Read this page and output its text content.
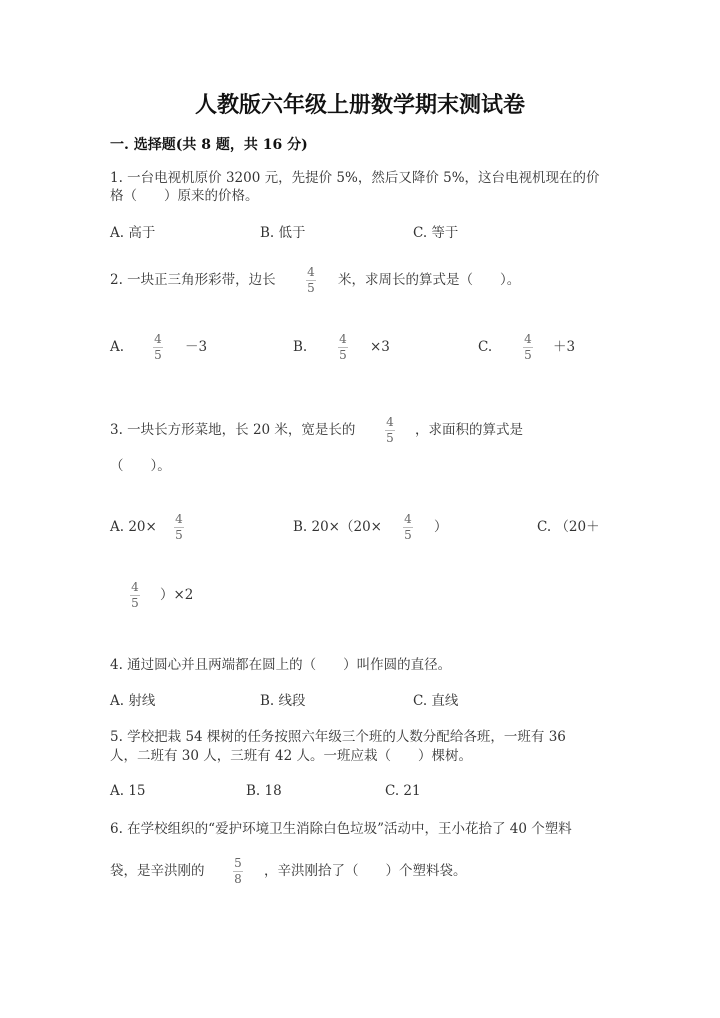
人教版六年级上册数学期末测试卷
一. 选择题(共 8 题，共 16 分)
1. 一台电视机原价 3200 元，先提价 5%，然后又降价 5%，这台电视机现在的价
格（　　）原来的价格。
A. 高于	B. 低于	C. 等于
2. 一块正三角形彩带，边长	4
5 米，求周长的算式是（　　）。
A.	4
5 －3	B.	4
5 ×3	C.	4
5 ＋3
3. 一块长方形菜地，长 20 米，宽是长的	4
5 ，求面积的算式是
（　　）。
A. 20× 4
5	B. 20×（20× 4
5 ）	C. （20＋
4
5 ）×2
4. 通过圆心并且两端都在圆上的（　　）叫作圆的直径。
A. 射线	B. 线段	C. 直线
5. 学校把栽 54 棵树的任务按照六年级三个班的人数分配给各班，一班有 36
人，二班有 30 人，三班有 42 人。一班应栽（　　）棵树。
A. 15	B. 18	C. 21
6. 在学校组织的“爱护环境卫生消除白色垃圾”活动中，王小花拾了 40 个塑料
袋，是辛洪刚的 5
8 ，辛洪刚拾了（　　）个塑料袋。
